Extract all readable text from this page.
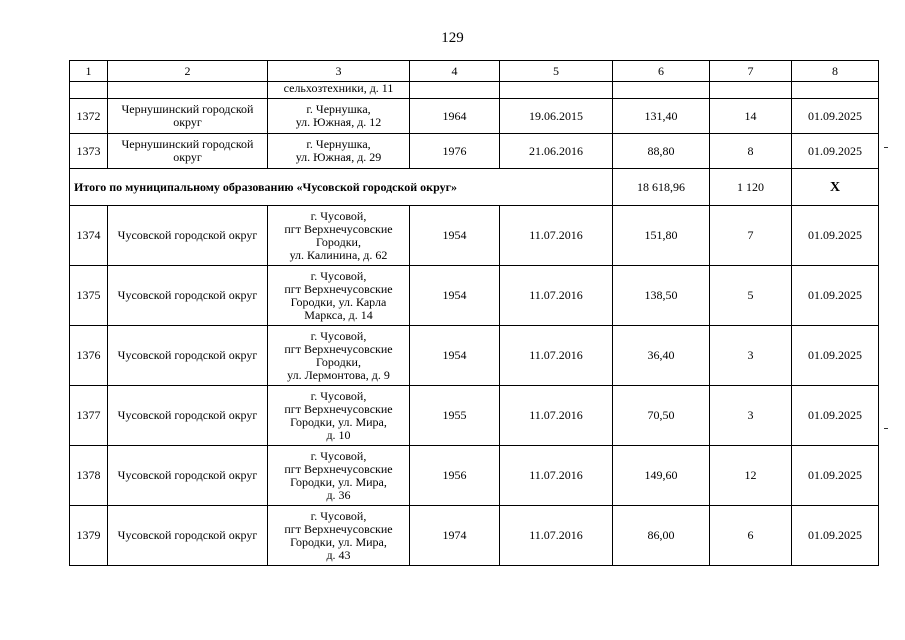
129
1	2	3	4	5	6	7	8
		сельхозтехники, д. 11					
1372	Чернушинский городской округ	г. Чернушка,
ул. Южная, д. 12	1964	19.06.2015	131,40	14	01.09.2025
1373	Чернушинский городской округ	г. Чернушка,
ул. Южная, д. 29	1976	21.06.2016	88,80	8	01.09.2025
Итого по муниципальному образованию «Чусовской городской округ»					18 618,96	1 120	Х
1374	Чусовской городской округ	г. Чусовой,
пгт Верхнечусовские
Городки,
ул. Калинина, д. 62	1954	11.07.2016	151,80	7	01.09.2025
1375	Чусовской городской округ	г. Чусовой,
пгт Верхнечусовские
Городки, ул. Карла
Маркса, д. 14	1954	11.07.2016	138,50	5	01.09.2025
1376	Чусовской городской округ	г. Чусовой,
пгт Верхнечусовские
Городки,
ул. Лермонтова, д. 9	1954	11.07.2016	36,40	3	01.09.2025
1377	Чусовской городской округ	г. Чусовой,
пгт Верхнечусовские
Городки, ул. Мира,
д. 10	1955	11.07.2016	70,50	3	01.09.2025
1378	Чусовской городской округ	г. Чусовой,
пгт Верхнечусовские
Городки, ул. Мира,
д. 36	1956	11.07.2016	149,60	12	01.09.2025
1379	Чусовской городской округ	г. Чусовой,
пгт Верхнечусовские
Городки, ул. Мира,
д. 43	1974	11.07.2016	86,00	6	01.09.2025
